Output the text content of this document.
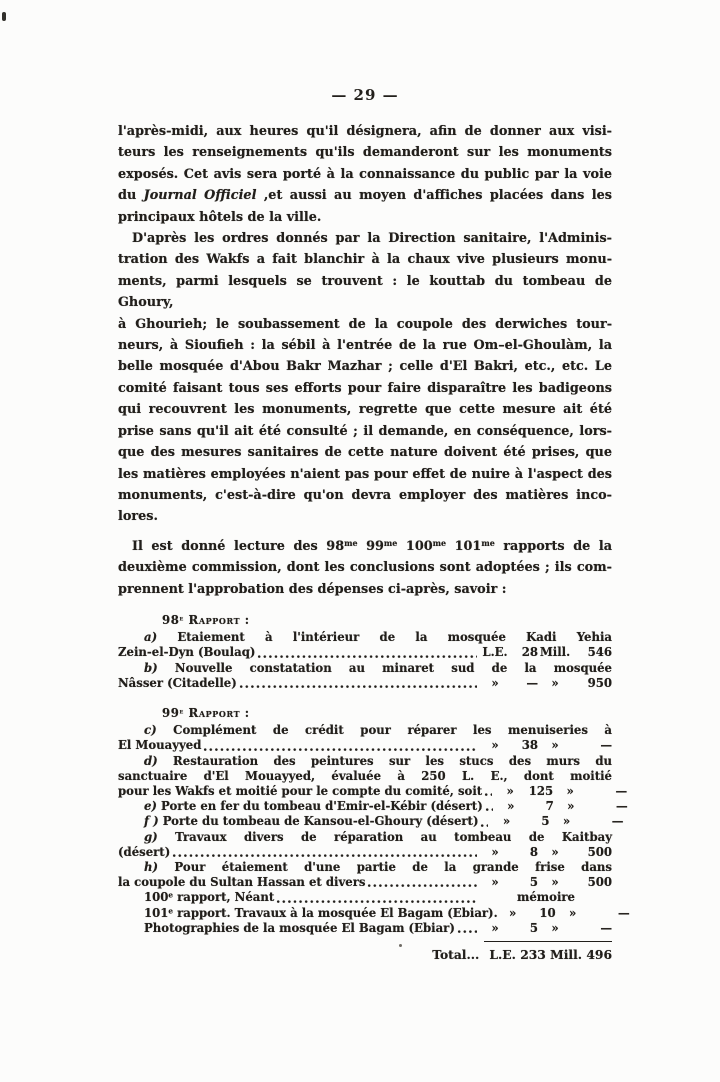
— 29 —
l'après-midi, aux heures qu'il désignera, afin de donner aux visi-
teurs les renseignements qu'ils demanderont sur les monuments
exposés. Cet avis sera porté à la connaissance du public par la voie
du Journal Officiel ,et aussi au moyen d'affiches placées dans les
principaux hôtels de la ville.
D'après les ordres donnés par la Direction sanitaire, l'Adminis-
tration des Wakfs a fait blanchir à la chaux vive plusieurs monu-
ments, parmi lesquels se trouvent : le kouttab du tombeau de Ghoury,
à Ghourieh; le soubassement de la coupole des derwiches tour-
neurs, à Sioufieh : la sébil à l'entrée de la rue Om–el-Ghoulàm, la
belle mosquée d'Abou Bakr Mazhar ; celle d'El Bakri, etc., etc. Le
comité faisant tous ses efforts pour faire disparaître les badigeons
qui recouvrent les monuments, regrette que cette mesure ait été
prise sans qu'il ait été consulté ; il demande, en conséquence, lors-
que des mesures sanitaires de cette nature doivent été prises, que
les matières employées n'aient pas pour effet de nuire à l'aspect des
monuments, c'est-à-dire qu'on devra employer des matières inco-
lores.
Il est donné lecture des $98^{me}$ $99^{me}$ $100^{me}$ $101^{me}$ rapports de la
deuxième commission, dont les conclusions sont adoptées ; ils com-
prennent l'approbation des dépenses ci-après, savoir :
98e Rapport :
a) Etaiement à l'intérieur de la mosquée Kadi Yehia
Zein-el-Dyn (Boulaq)	L.E.	28 Mill.	546
b) Nouvelle constatation au minaret sud de la mosquée
Nâsser (Citadelle)	»	—	»	950
99e Rapport :
c) Complément de crédit pour réparer les menuiseries à
El Mouayyed	»	38	»	—
d) Restauration des peintures sur les stucs des murs du
sanctuaire d'El Mouayyed, évaluée à 250 L. E., dont moitié
pour les Wakfs et moitié pour le compte du comité, soit	»	125	»	—
e) Porte en fer du tombeau d'Emir-el-Kébir (désert)	»	7	»	—
f ) Porte du tombeau de Kansou-el-Ghoury (désert)	»	5	»	—
g) Travaux divers de réparation au tombeau de Kaitbay
(désert)	»	8	»	500
h) Pour étaiement d'une partie de la grande frise dans
la coupole du Sultan Hassan et divers	»	5	»	500
100e rapport, Néant	mémoire
101e rapport. Travaux à la mosquée El Bagam (Ebiar). »	10	»	—
Photographies de la mosquée El Bagam (Ebiar)	»	5	»	—
Total... L.E. 233 Mill. 496
